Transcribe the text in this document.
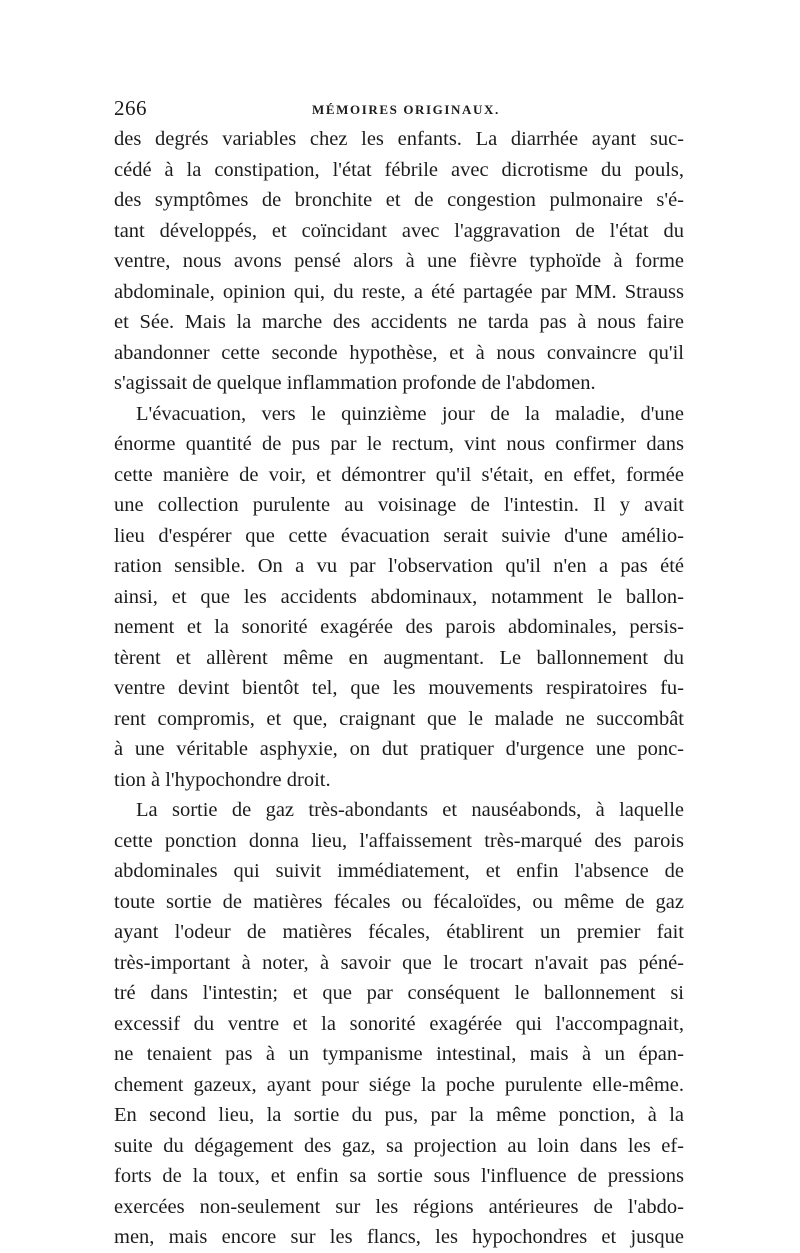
266	MÉMOIRES ORIGINAUX.
des degrés variables chez les enfants. La diarrhée ayant suc-
cédé à la constipation, l'état fébrile avec dicrotisme du pouls,
des symptômes de bronchite et de congestion pulmonaire s'é-
tant développés, et coïncidant avec l'aggravation de l'état du
ventre, nous avons pensé alors à une fièvre typhoïde à forme
abdominale, opinion qui, du reste, a été partagée par MM. Strauss
et Sée. Mais la marche des accidents ne tarda pas à nous faire
abandonner cette seconde hypothèse, et à nous convaincre qu'il
s'agissait de quelque inflammation profonde de l'abdomen.
L'évacuation, vers le quinzième jour de la maladie, d'une
énorme quantité de pus par le rectum, vint nous confirmer dans
cette manière de voir, et démontrer qu'il s'était, en effet, formée
une collection purulente au voisinage de l'intestin. Il y avait
lieu d'espérer que cette évacuation serait suivie d'une amélio-
ration sensible. On a vu par l'observation qu'il n'en a pas été
ainsi, et que les accidents abdominaux, notamment le ballon-
nement et la sonorité exagérée des parois abdominales, persis-
tèrent et allèrent même en augmentant. Le ballonnement du
ventre devint bientôt tel, que les mouvements respiratoires fu-
rent compromis, et que, craignant que le malade ne succombât
à une véritable asphyxie, on dut pratiquer d'urgence une ponc-
tion à l'hypochondre droit.
La sortie de gaz très-abondants et nauséabonds, à laquelle
cette ponction donna lieu, l'affaissement très-marqué des parois
abdominales qui suivit immédiatement, et enfin l'absence de
toute sortie de matières fécales ou fécaloïdes, ou même de gaz
ayant l'odeur de matières fécales, établirent un premier fait
très-important à noter, à savoir que le trocart n'avait pas péné-
tré dans l'intestin; et que par conséquent le ballonnement si
excessif du ventre et la sonorité exagérée qui l'accompagnait,
ne tenaient pas à un tympanisme intestinal, mais à un épan-
chement gazeux, ayant pour siége la poche purulente elle-même.
En second lieu, la sortie du pus, par la même ponction, à la
suite du dégagement des gaz, sa projection au loin dans les ef-
forts de la toux, et enfin sa sortie sous l'influence de pressions
exercées non-seulement sur les régions antérieures de l'abdo-
men, mais encore sur les flancs, les hypochondres et jusque
